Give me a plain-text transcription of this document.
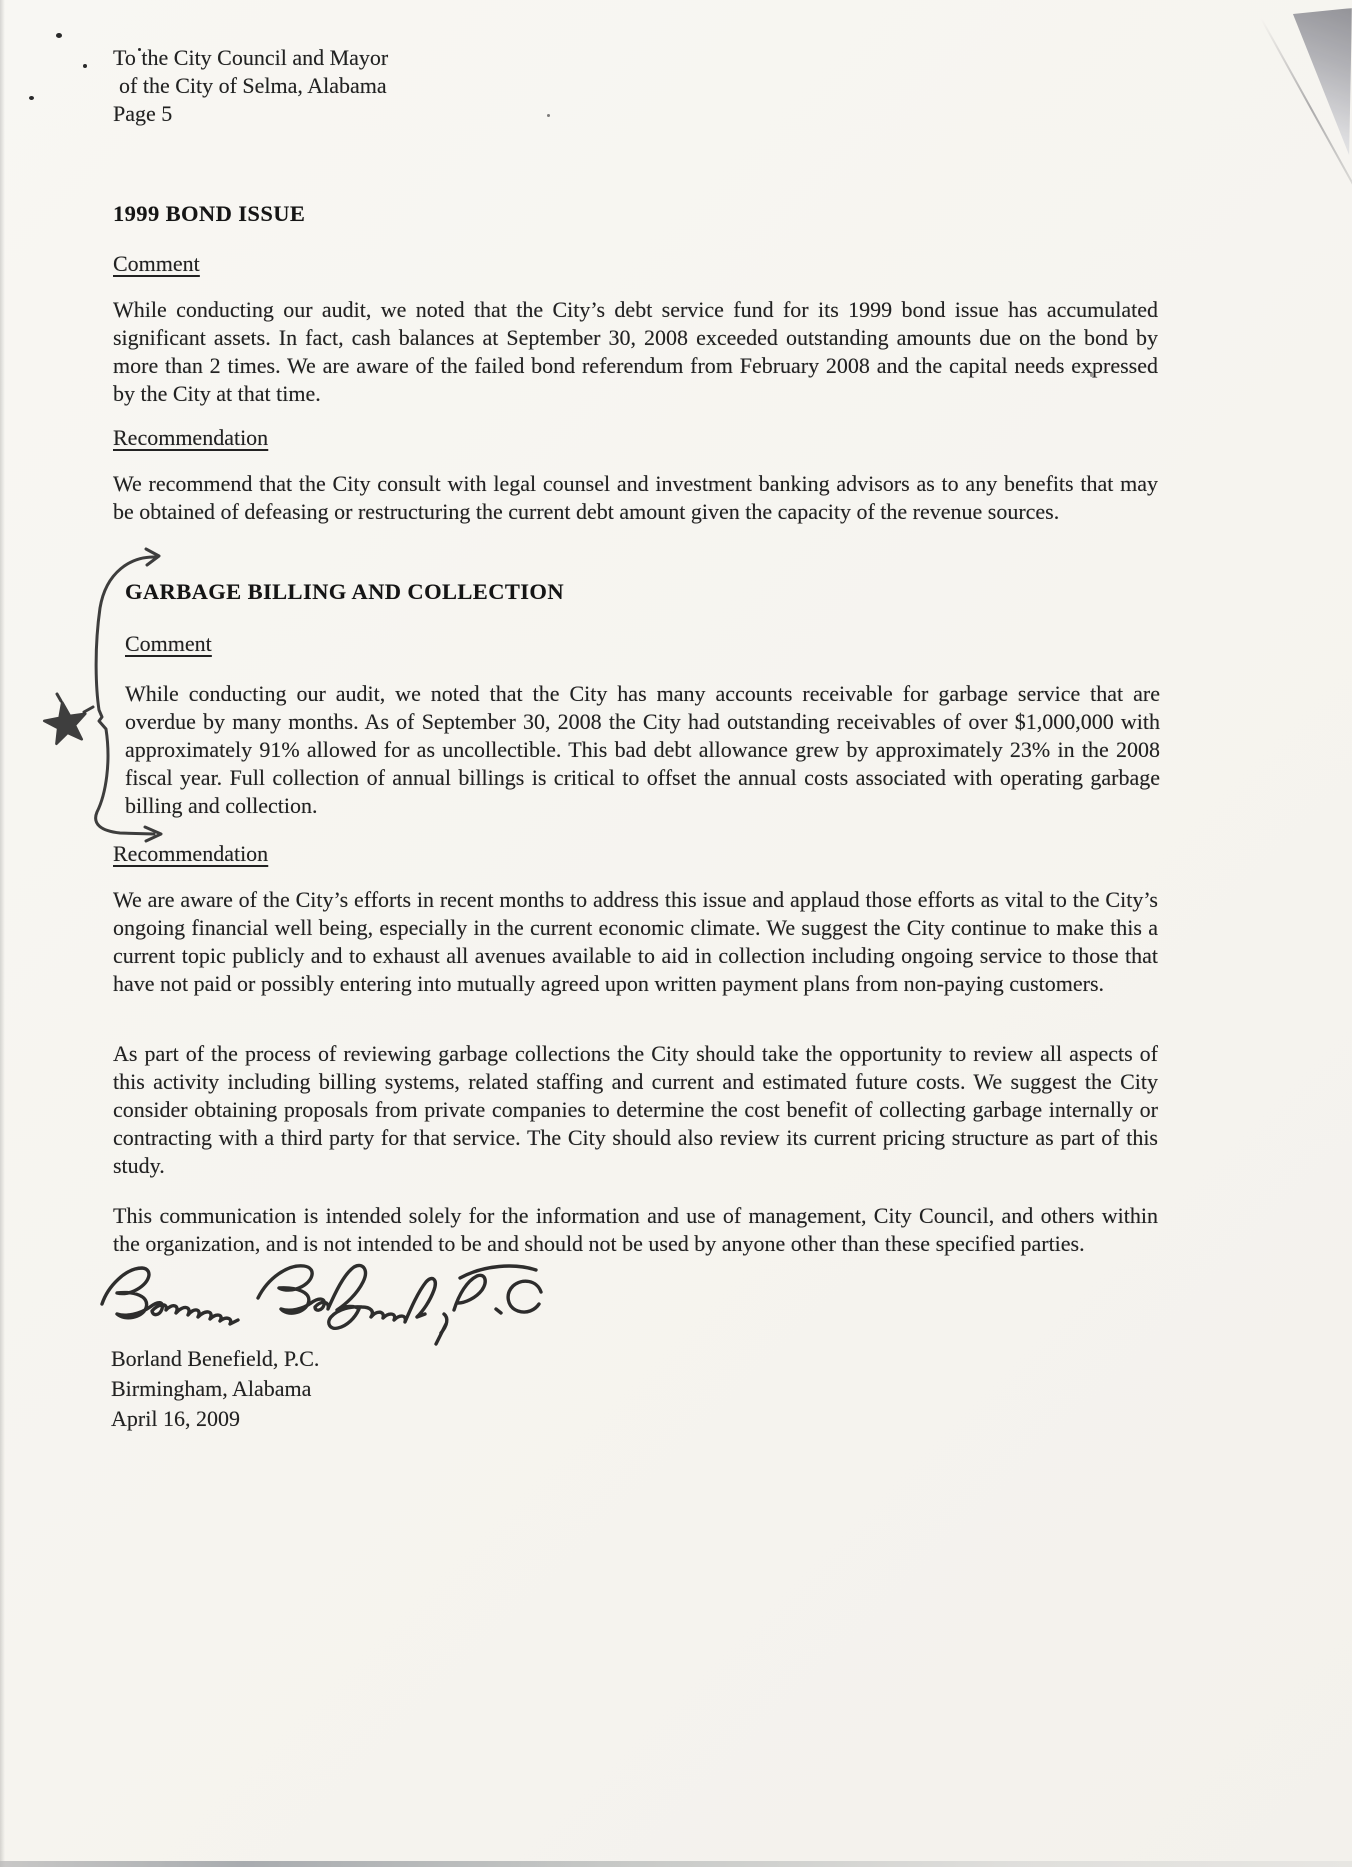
To the City Council and Mayor
of the City of Selma, Alabama
Page 5
1999 BOND ISSUE
Comment
While conducting our audit, we noted that the City’s debt service fund for its 1999 bond issue has accumulated significant assets. In fact, cash balances at September 30, 2008 exceeded outstanding amounts due on the bond by more than 2 times. We are aware of the failed bond referendum from February 2008 and the capital needs expressed by the City at that time.
Recommendation
We recommend that the City consult with legal counsel and investment banking advisors as to any benefits that may be obtained of defeasing or restructuring the current debt amount given the capacity of the revenue sources.
GARBAGE BILLING AND COLLECTION
Comment
While conducting our audit, we noted that the City has many accounts receivable for garbage service that are overdue by many months. As of September 30, 2008 the City had outstanding receivables of over $1,000,000 with approximately 91% allowed for as uncollectible. This bad debt allowance grew by approximately 23% in the 2008 fiscal year. Full collection of annual billings is critical to offset the annual costs associated with operating garbage billing and collection.
Recommendation
We are aware of the City’s efforts in recent months to address this issue and applaud those efforts as vital to the City’s ongoing financial well being, especially in the current economic climate. We suggest the City continue to make this a current topic publicly and to exhaust all avenues available to aid in collection including ongoing service to those that have not paid or possibly entering into mutually agreed upon written payment plans from non-paying customers.
As part of the process of reviewing garbage collections the City should take the opportunity to review all aspects of this activity including billing systems, related staffing and current and estimated future costs. We suggest the City consider obtaining proposals from private companies to determine the cost benefit of collecting garbage internally or contracting with a third party for that service. The City should also review its current pricing structure as part of this study.
This communication is intended solely for the information and use of management, City Council, and others within the organization, and is not intended to be and should not be used by anyone other than these specified parties.
Borland Benefield, P.C.
Birmingham, Alabama
April 16, 2009
